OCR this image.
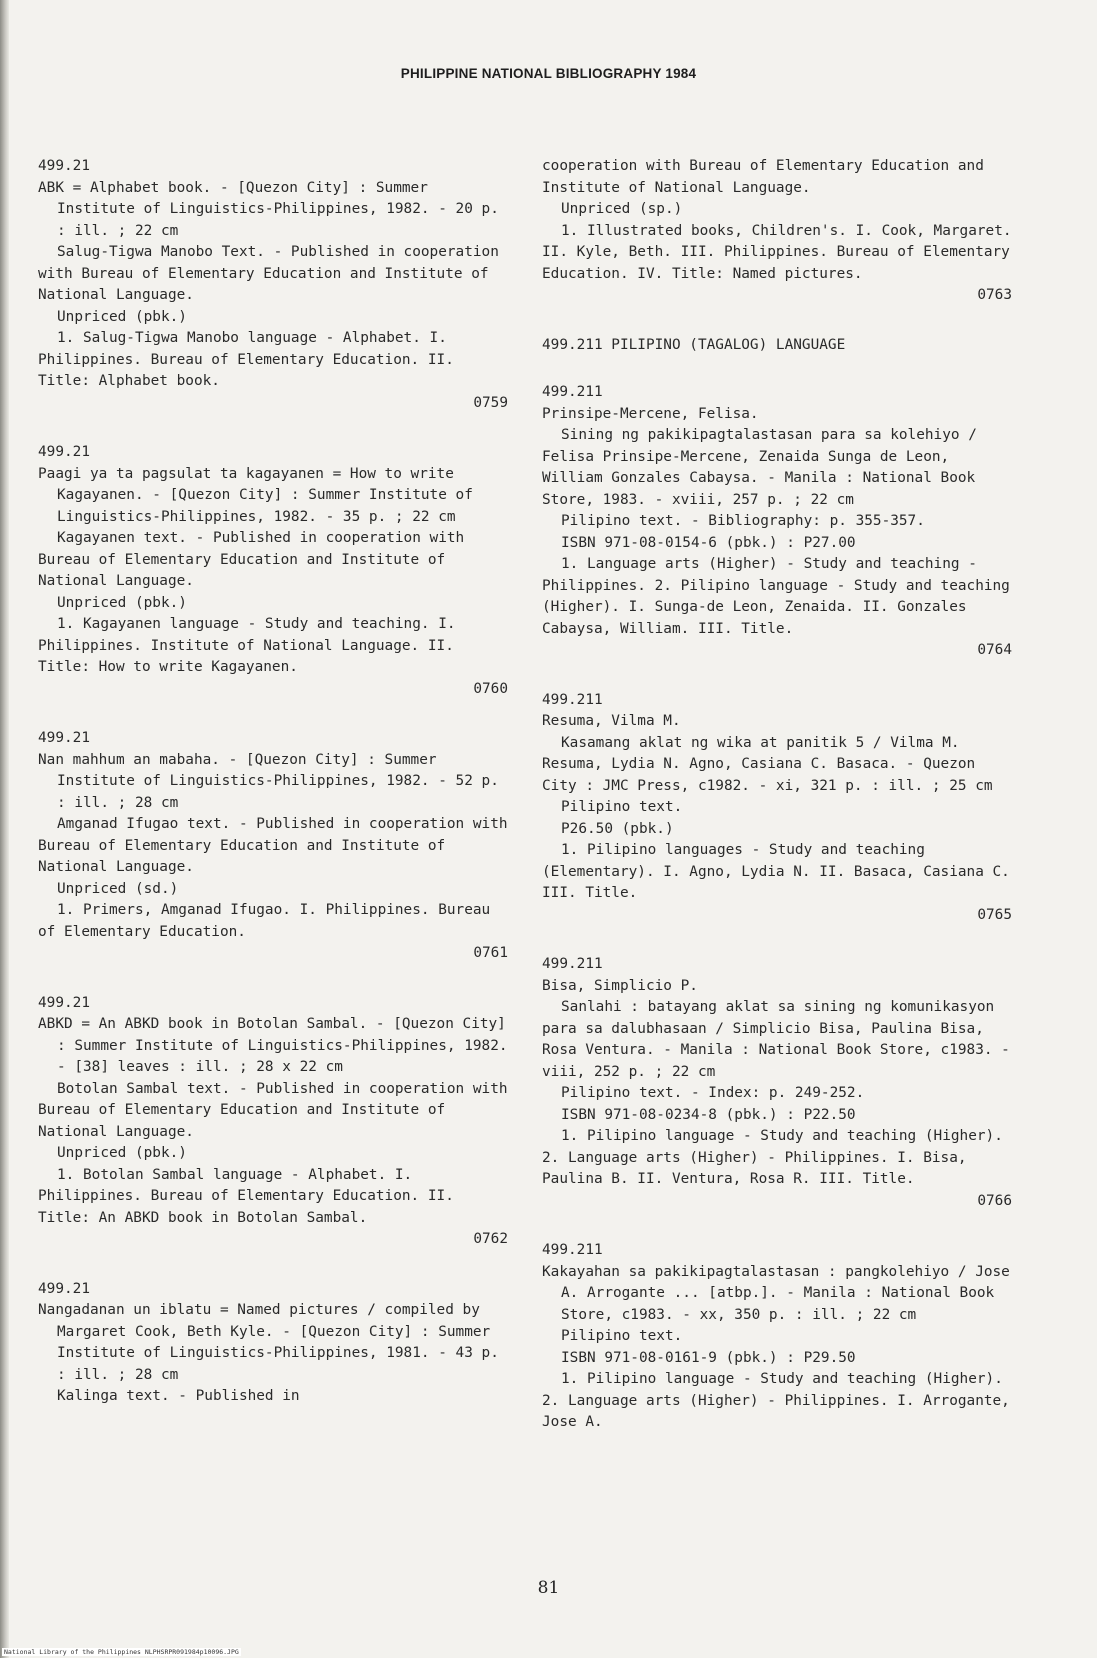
PHILIPPINE NATIONAL BIBLIOGRAPHY 1984

499.21

ABK = Alphabet book. - [Quezon City] : Summer Institute of Linguistics-Philippines, 1982. - 20 p. : ill. ; 22 cm

Salug-Tigwa Manobo Text. - Published in cooperation with Bureau of Elementary Education and Institute of National Language.

Unpriced (pbk.)

1. Salug-Tigwa Manobo language - Alphabet. I. Philippines. Bureau of Elementary Education. II. Title: Alphabet book.

0759

499.21

Paagi ya ta pagsulat ta kagayanen = How to write Kagayanen. - [Quezon City] : Summer Institute of Linguistics-Philippines, 1982. - 35 p. ; 22 cm

Kagayanen text. - Published in cooperation with Bureau of Elementary Education and Institute of National Language.

Unpriced (pbk.)

1. Kagayanen language - Study and teaching. I. Philippines. Institute of National Language. II. Title: How to write Kagayanen.

0760

499.21

Nan mahhum an mabaha. - [Quezon City] : Summer Institute of Linguistics-Philippines, 1982. - 52 p. : ill. ; 28 cm

Amganad Ifugao text. - Published in cooperation with Bureau of Elementary Education and Institute of National Language.

Unpriced (sd.)

1. Primers, Amganad Ifugao. I. Philippines. Bureau of Elementary Education.

0761

499.21

ABKD = An ABKD book in Botolan Sambal. - [Quezon City] : Summer Institute of Linguistics-Philippines, 1982. - [38] leaves : ill. ; 28 x 22 cm

Botolan Sambal text. - Published in cooperation with Bureau of Elementary Education and Institute of National Language.

Unpriced (pbk.)

1. Botolan Sambal language - Alphabet. I. Philippines. Bureau of Elementary Education. II. Title: An ABKD book in Botolan Sambal.

0762

499.21

Nangadanan un iblatu = Named pictures / compiled by Margaret Cook, Beth Kyle. - [Quezon City] : Summer Institute of Linguistics-Philippines, 1981. - 43 p. : ill. ; 28 cm

Kalinga text. - Published in

cooperation with Bureau of Elementary Education and Institute of National Language.

Unpriced (sp.)

1. Illustrated books, Children's. I. Cook, Margaret. II. Kyle, Beth. III. Philippines. Bureau of Elementary Education. IV. Title: Named pictures.

0763

499.211 PILIPINO (TAGALOG) LANGUAGE

499.211

Prinsipe-Mercene, Felisa.

Sining ng pakikipagtalastasan para sa kolehiyo / Felisa Prinsipe-Mercene, Zenaida Sunga de Leon, William Gonzales Cabaysa. - Manila : National Book Store, 1983. - xviii, 257 p. ; 22 cm

Pilipino text. - Bibliography: p. 355-357.

ISBN 971-08-0154-6 (pbk.) : P27.00

1. Language arts (Higher) - Study and teaching - Philippines. 2. Pilipino language - Study and teaching (Higher). I. Sunga-de Leon, Zenaida. II. Gonzales Cabaysa, William. III. Title.

0764

499.211

Resuma, Vilma M.

Kasamang aklat ng wika at panitik 5 / Vilma M. Resuma, Lydia N. Agno, Casiana C. Basaca. - Quezon City : JMC Press, c1982. - xi, 321 p. : ill. ; 25 cm

Pilipino text.

P26.50 (pbk.)

1. Pilipino languages - Study and teaching (Elementary). I. Agno, Lydia N. II. Basaca, Casiana C. III. Title.

0765

499.211

Bisa, Simplicio P.

Sanlahi : batayang aklat sa sining ng komunikasyon para sa dalubhasaan / Simplicio Bisa, Paulina Bisa, Rosa Ventura. - Manila : National Book Store, c1983. - viii, 252 p. ; 22 cm

Pilipino text. - Index: p. 249-252.

ISBN 971-08-0234-8 (pbk.) : P22.50

1. Pilipino language - Study and teaching (Higher). 2. Language arts (Higher) - Philippines. I. Bisa, Paulina B. II. Ventura, Rosa R. III. Title.

0766

499.211

Kakayahan sa pakikipagtalastasan : pangkolehiyo / Jose A. Arrogante ... [atbp.]. - Manila : National Book Store, c1983. - xx, 350 p. : ill. ; 22 cm

Pilipino text.

ISBN 971-08-0161-9 (pbk.) : P29.50

1. Pilipino language - Study and teaching (Higher). 2. Language arts (Higher) - Philippines. I. Arrogante, Jose A.

81
National Library of the Philippines NLPHSRPR091984p10096.JPG
